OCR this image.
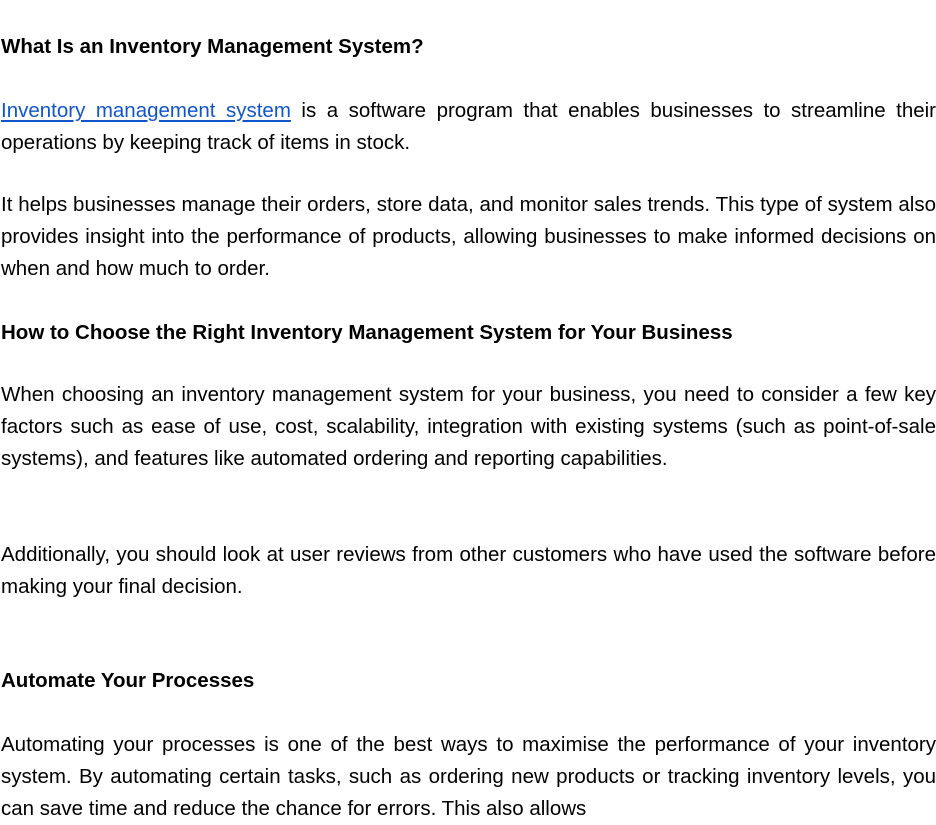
What Is an Inventory Management System?

Inventory management system is a software program that enables businesses to streamline their operations by keeping track of items in stock.

It helps businesses manage their orders, store data, and monitor sales trends. This type of system also provides insight into the performance of products, allowing businesses to make informed decisions on when and how much to order.

How to Choose the Right Inventory Management System for Your Business

When choosing an inventory management system for your business, you need to consider a few key factors such as ease of use, cost, scalability, integration with existing systems (such as point-of-sale systems), and features like automated ordering and reporting capabilities.

Additionally, you should look at user reviews from other customers who have used the software before making your final decision.

Automate Your Processes

Automating your processes is one of the best ways to maximise the performance of your inventory system. By automating certain tasks, such as ordering new products or tracking inventory levels, you can save time and reduce the chance for errors. This also allows
